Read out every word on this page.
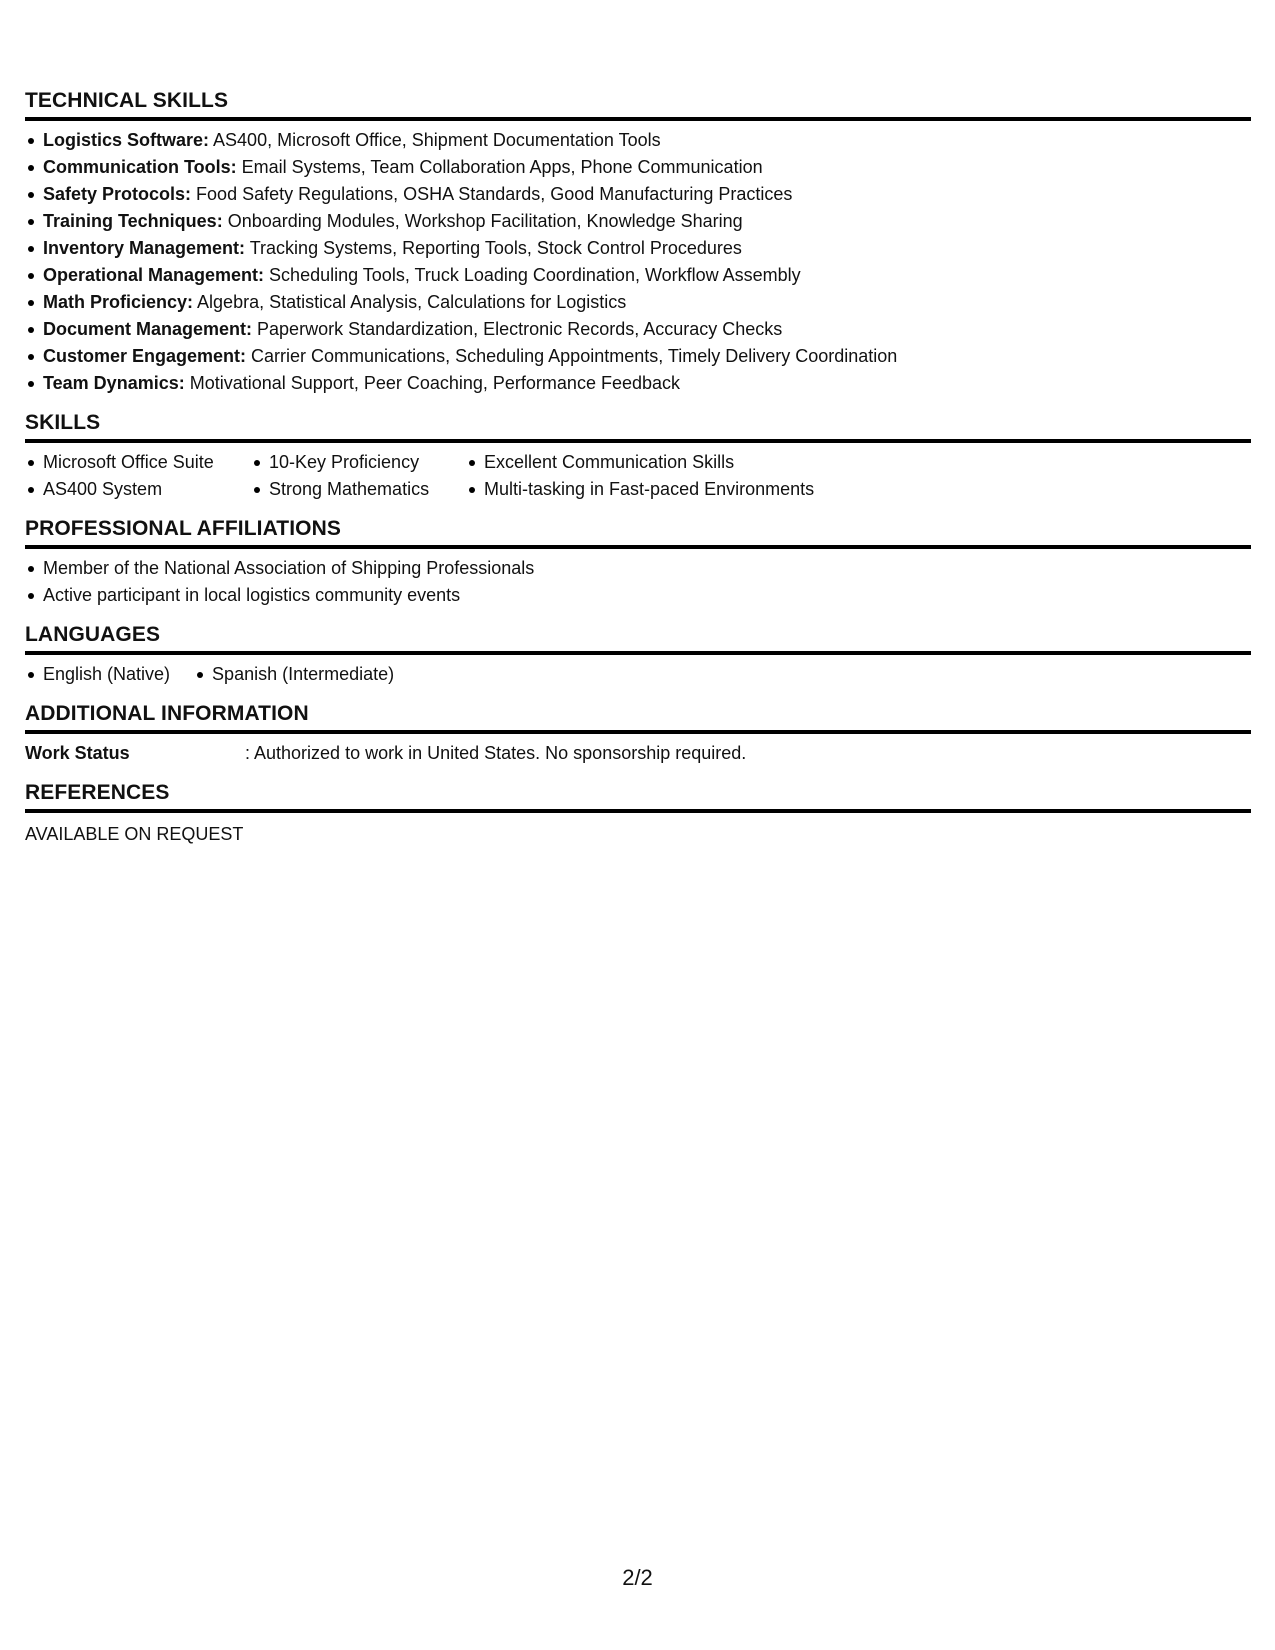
TECHNICAL SKILLS
Logistics Software: AS400, Microsoft Office, Shipment Documentation Tools
Communication Tools: Email Systems, Team Collaboration Apps, Phone Communication
Safety Protocols: Food Safety Regulations, OSHA Standards, Good Manufacturing Practices
Training Techniques: Onboarding Modules, Workshop Facilitation, Knowledge Sharing
Inventory Management: Tracking Systems, Reporting Tools, Stock Control Procedures
Operational Management: Scheduling Tools, Truck Loading Coordination, Workflow Assembly
Math Proficiency: Algebra, Statistical Analysis, Calculations for Logistics
Document Management: Paperwork Standardization, Electronic Records, Accuracy Checks
Customer Engagement: Carrier Communications, Scheduling Appointments, Timely Delivery Coordination
Team Dynamics: Motivational Support, Peer Coaching, Performance Feedback
SKILLS
Microsoft Office Suite
AS400 System
10-Key Proficiency
Strong Mathematics
Excellent Communication Skills
Multi-tasking in Fast-paced Environments
PROFESSIONAL AFFILIATIONS
Member of the National Association of Shipping Professionals
Active participant in local logistics community events
LANGUAGES
English (Native)	Spanish (Intermediate)
ADDITIONAL INFORMATION
Work Status	: Authorized to work in United States. No sponsorship required.
REFERENCES
AVAILABLE ON REQUEST
2/2
